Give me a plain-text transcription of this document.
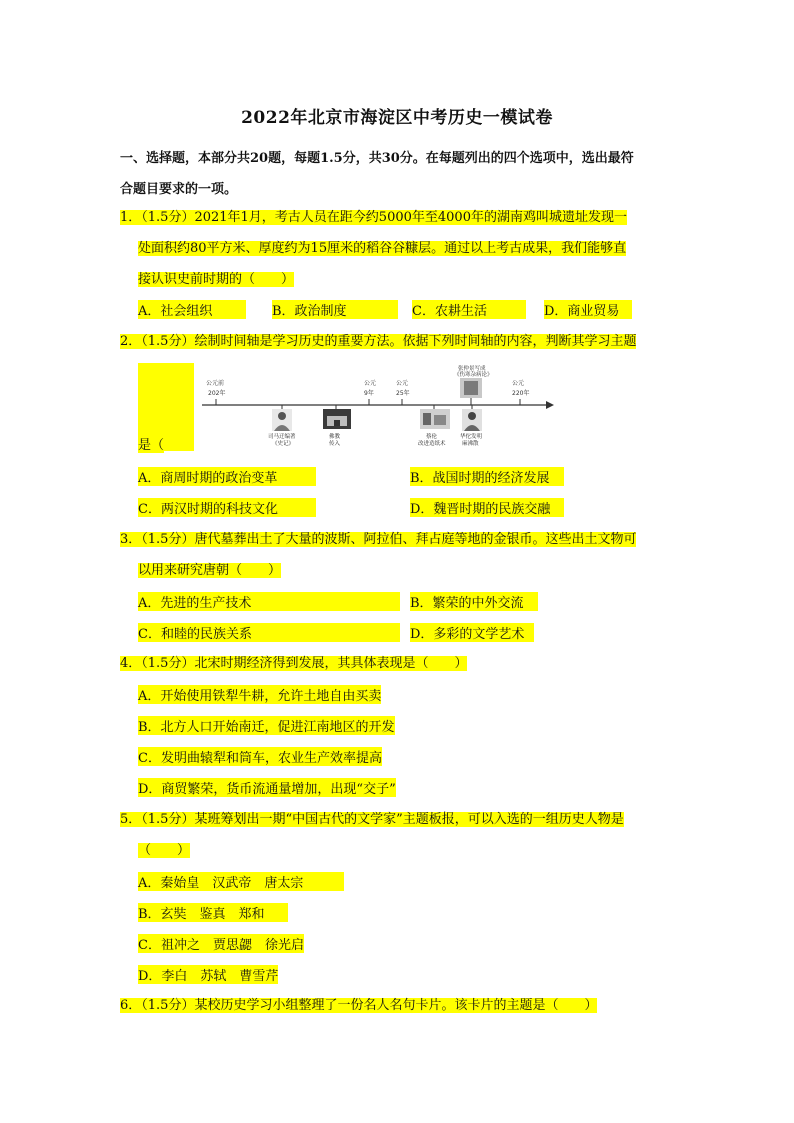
2022年北京市海淀区中考历史一模试卷
一、选择题，本部分共20题，每题1.5分，共30分。在每题列出的四个选项中，选出最符
合题目要求的一项。
1．（1.5分）2021年1月，考古人员在距今约5000年至4000年的湖南鸡叫城遗址发现一
处面积约80平方米、厚度约为15厘米的稻谷谷糠层。通过以上考古成果，我们能够直
接认识史前时期的（　　）
A．社会组织	B．政治制度	C．农耕生活	D．商业贸易
2．（1.5分）绘制时间轴是学习历史的重要方法。依据下列时间轴的内容，判断其学习主题
公元前
202年
公元
9年
公元
25年
公元
220年
司马迁编著
《史记》
佛教
传入
蔡伦
改进造纸术
张仲景写成
《伤寒杂病论》
华佗发明
麻沸散
是（
A．商周时期的政治变革	B．战国时期的经济发展
C．两汉时期的科技文化	D．魏晋时期的民族交融
3．（1.5分）唐代墓葬出土了大量的波斯、阿拉伯、拜占庭等地的金银币。这些出土文物可
以用来研究唐朝（　　）
A．先进的生产技术	B．繁荣的中外交流
C．和睦的民族关系	D．多彩的文学艺术
4．（1.5分）北宋时期经济得到发展，其具体表现是（　　）
A．开始使用铁犁牛耕，允许土地自由买卖
B．北方人口开始南迁，促进江南地区的开发
C．发明曲辕犁和筒车，农业生产效率提高
D．商贸繁荣，货币流通量增加，出现“交子”
5．（1.5分）某班筹划出一期“中国古代的文学家”主题板报，可以入选的一组历史人物是
（　　）
A．秦始皇　汉武帝　唐太宗
B．玄奘　鉴真　郑和
C．祖冲之　贾思勰　徐光启
D．李白　苏轼　曹雪芹
6．（1.5分）某校历史学习小组整理了一份名人名句卡片。该卡片的主题是（　　）
